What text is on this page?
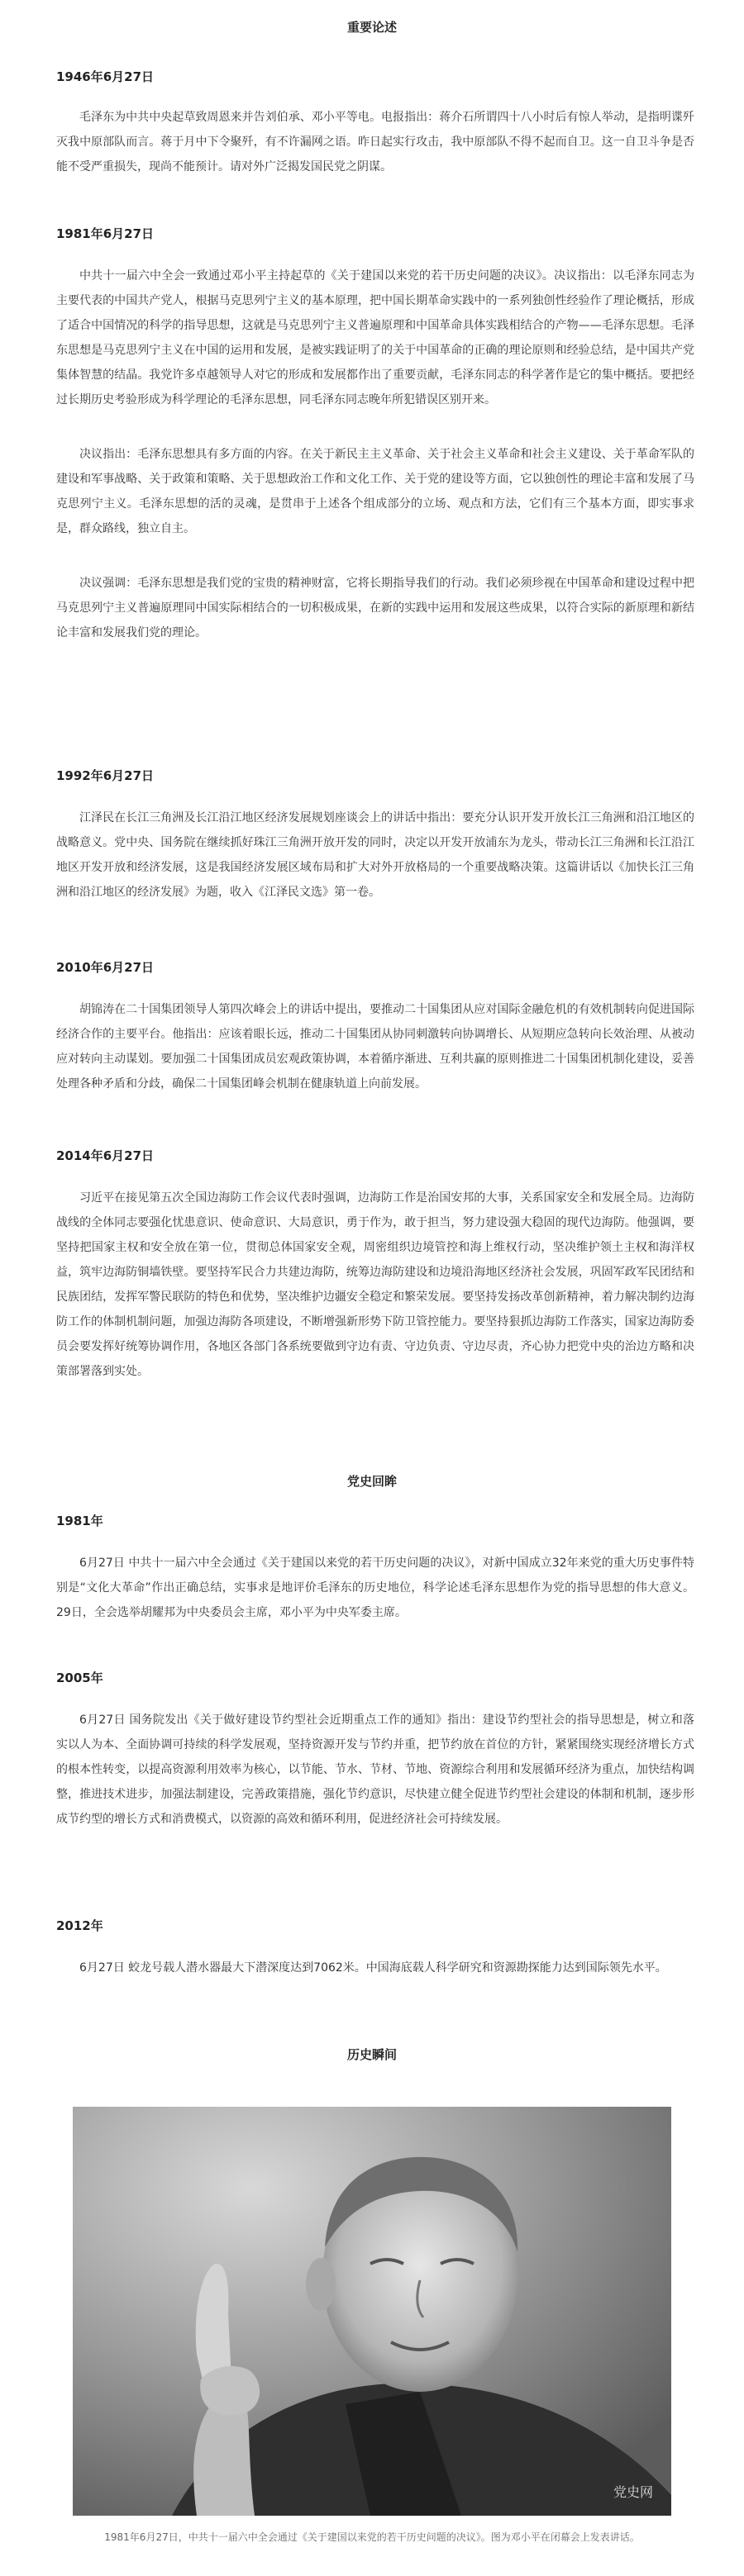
重要论述

1946年6月27日

毛泽东为中共中央起草致周恩来并告刘伯承、邓小平等电。电报指出：蒋介石所谓四十八小时后有惊人举动，是指明谍歼灭我中原部队而言。蒋于月中下令聚歼，有不许漏网之语。昨日起实行攻击，我中原部队不得不起而自卫。这一自卫斗争是否能不受严重损失，现尚不能预计。请对外广泛揭发国民党之阴谋。

1981年6月27日

中共十一届六中全会一致通过邓小平主持起草的《关于建国以来党的若干历史问题的决议》。决议指出：以毛泽东同志为主要代表的中国共产党人，根据马克思列宁主义的基本原理，把中国长期革命实践中的一系列独创性经验作了理论概括，形成了适合中国情况的科学的指导思想，这就是马克思列宁主义普遍原理和中国革命具体实践相结合的产物——毛泽东思想。毛泽东思想是马克思列宁主义在中国的运用和发展，是被实践证明了的关于中国革命的正确的理论原则和经验总结，是中国共产党集体智慧的结晶。我党许多卓越领导人对它的形成和发展都作出了重要贡献，毛泽东同志的科学著作是它的集中概括。要把经过长期历史考验形成为科学理论的毛泽东思想，同毛泽东同志晚年所犯错误区别开来。

决议指出：毛泽东思想具有多方面的内容。在关于新民主主义革命、关于社会主义革命和社会主义建设、关于革命军队的建设和军事战略、关于政策和策略、关于思想政治工作和文化工作、关于党的建设等方面，它以独创性的理论丰富和发展了马克思列宁主义。毛泽东思想的活的灵魂，是贯串于上述各个组成部分的立场、观点和方法，它们有三个基本方面，即实事求是，群众路线，独立自主。

决议强调：毛泽东思想是我们党的宝贵的精神财富，它将长期指导我们的行动。我们必须珍视在中国革命和建设过程中把马克思列宁主义普遍原理同中国实际相结合的一切积极成果，在新的实践中运用和发展这些成果，以符合实际的新原理和新结论丰富和发展我们党的理论。

1992年6月27日

江泽民在长江三角洲及长江沿江地区经济发展规划座谈会上的讲话中指出：要充分认识开发开放长江三角洲和沿江地区的战略意义。党中央、国务院在继续抓好珠江三角洲开放开发的同时，决定以开发开放浦东为龙头，带动长江三角洲和长江沿江地区开发开放和经济发展，这是我国经济发展区域布局和扩大对外开放格局的一个重要战略决策。这篇讲话以《加快长江三角洲和沿江地区的经济发展》为题，收入《江泽民文选》第一卷。

2010年6月27日

胡锦涛在二十国集团领导人第四次峰会上的讲话中提出，要推动二十国集团从应对国际金融危机的有效机制转向促进国际经济合作的主要平台。他指出：应该着眼长远，推动二十国集团从协同刺激转向协调增长、从短期应急转向长效治理、从被动应对转向主动谋划。要加强二十国集团成员宏观政策协调，本着循序渐进、互利共赢的原则推进二十国集团机制化建设，妥善处理各种矛盾和分歧，确保二十国集团峰会机制在健康轨道上向前发展。

2014年6月27日

习近平在接见第五次全国边海防工作会议代表时强调，边海防工作是治国安邦的大事，关系国家安全和发展全局。边海防战线的全体同志要强化忧患意识、使命意识、大局意识，勇于作为，敢于担当，努力建设强大稳固的现代边海防。他强调，要坚持把国家主权和安全放在第一位，贯彻总体国家安全观，周密组织边境管控和海上维权行动，坚决维护领土主权和海洋权益，筑牢边海防铜墙铁壁。要坚持军民合力共建边海防，统筹边海防建设和边境沿海地区经济社会发展，巩固军政军民团结和民族团结，发挥军警民联防的特色和优势，坚决维护边疆安全稳定和繁荣发展。要坚持发扬改革创新精神，着力解决制约边海防工作的体制机制问题，加强边海防各项建设，不断增强新形势下防卫管控能力。要坚持狠抓边海防工作落实，国家边海防委员会要发挥好统筹协调作用，各地区各部门各系统要做到守边有责、守边负责、守边尽责，齐心协力把党中央的治边方略和决策部署落到实处。

党史回眸

1981年

6月27日 中共十一届六中全会通过《关于建国以来党的若干历史问题的决议》，对新中国成立32年来党的重大历史事件特别是“文化大革命”作出正确总结，实事求是地评价毛泽东的历史地位，科学论述毛泽东思想作为党的指导思想的伟大意义。29日，全会选举胡耀邦为中央委员会主席，邓小平为中央军委主席。

2005年

6月27日 国务院发出《关于做好建设节约型社会近期重点工作的通知》指出：建设节约型社会的指导思想是，树立和落实以人为本、全面协调可持续的科学发展观，坚持资源开发与节约并重，把节约放在首位的方针，紧紧围绕实现经济增长方式的根本性转变，以提高资源利用效率为核心，以节能、节水、节材、节地、资源综合利用和发展循环经济为重点，加快结构调整，推进技术进步，加强法制建设，完善政策措施，强化节约意识，尽快建立健全促进节约型社会建设的体制和机制，逐步形成节约型的增长方式和消费模式，以资源的高效和循环利用，促进经济社会可持续发展。

2012年

6月27日 蛟龙号载人潜水器最大下潜深度达到7062米。中国海底载人科学研究和资源勘探能力达到国际领先水平。

历史瞬间

党史网
1981年6月27日，中共十一届六中全会通过《关于建国以来党的若干历史问题的决议》。图为邓小平在闭幕会上发表讲话。
